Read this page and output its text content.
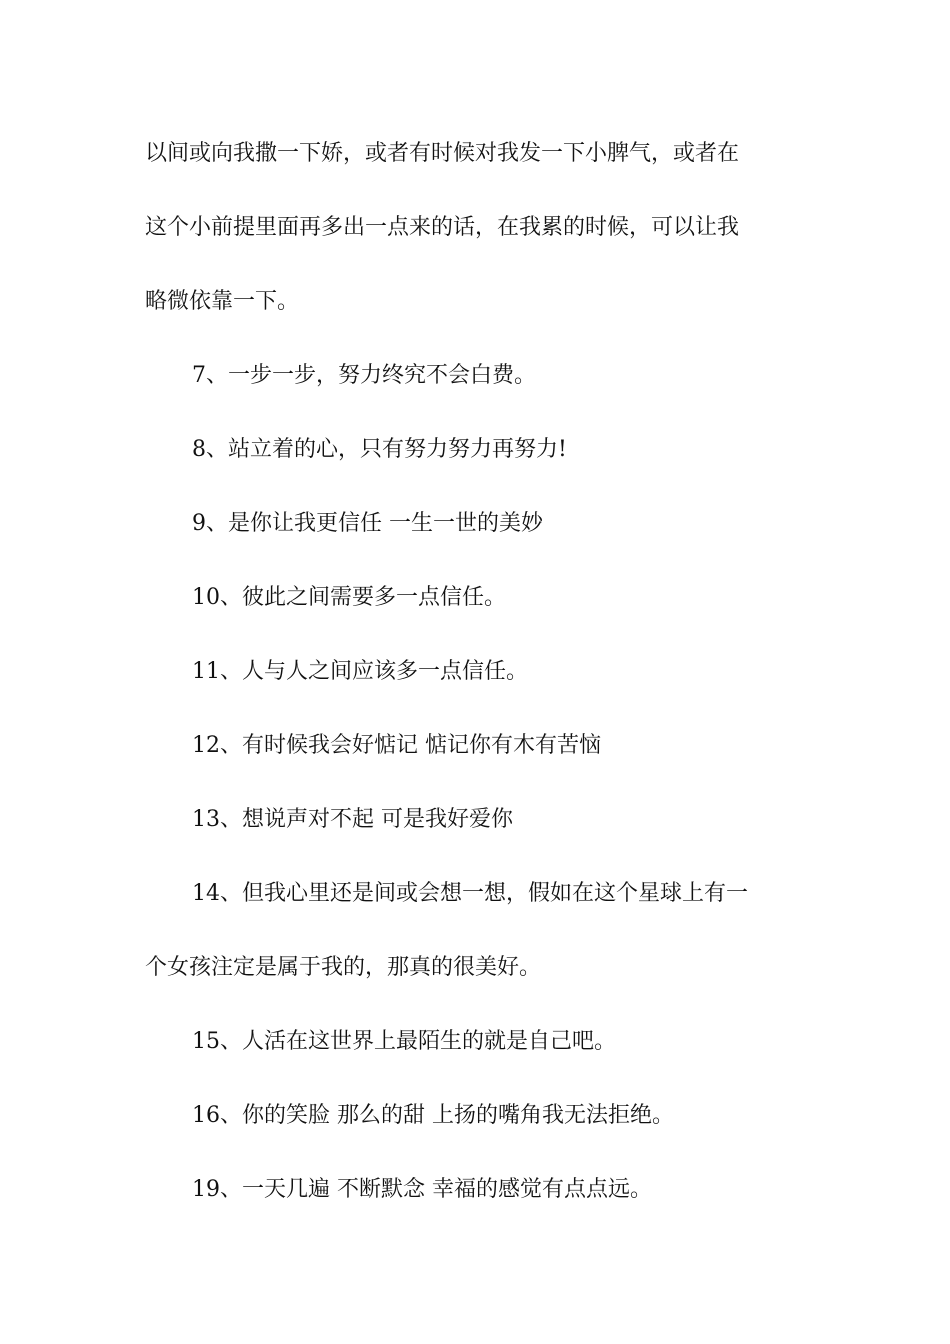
以间或向我撒一下娇，或者有时候对我发一下小脾气，或者在
这个小前提里面再多出一点来的话，在我累的时候，可以让我
略微依靠一下。
7、一步一步，努力终究不会白费。
8、站立着的心，只有努力努力再努力!
9、是你让我更信任 一生一世的美妙
10、彼此之间需要多一点信任。
11、人与人之间应该多一点信任。
12、有时候我会好惦记 惦记你有木有苦恼
13、想说声对不起 可是我好爱你
14、但我心里还是间或会想一想，假如在这个星球上有一
个女孩注定是属于我的，那真的很美好。
15、人活在这世界上最陌生的就是自己吧。
16、你的笑脸 那么的甜 上扬的嘴角我无法拒绝。
19、一天几遍 不断默念 幸福的感觉有点点远。
